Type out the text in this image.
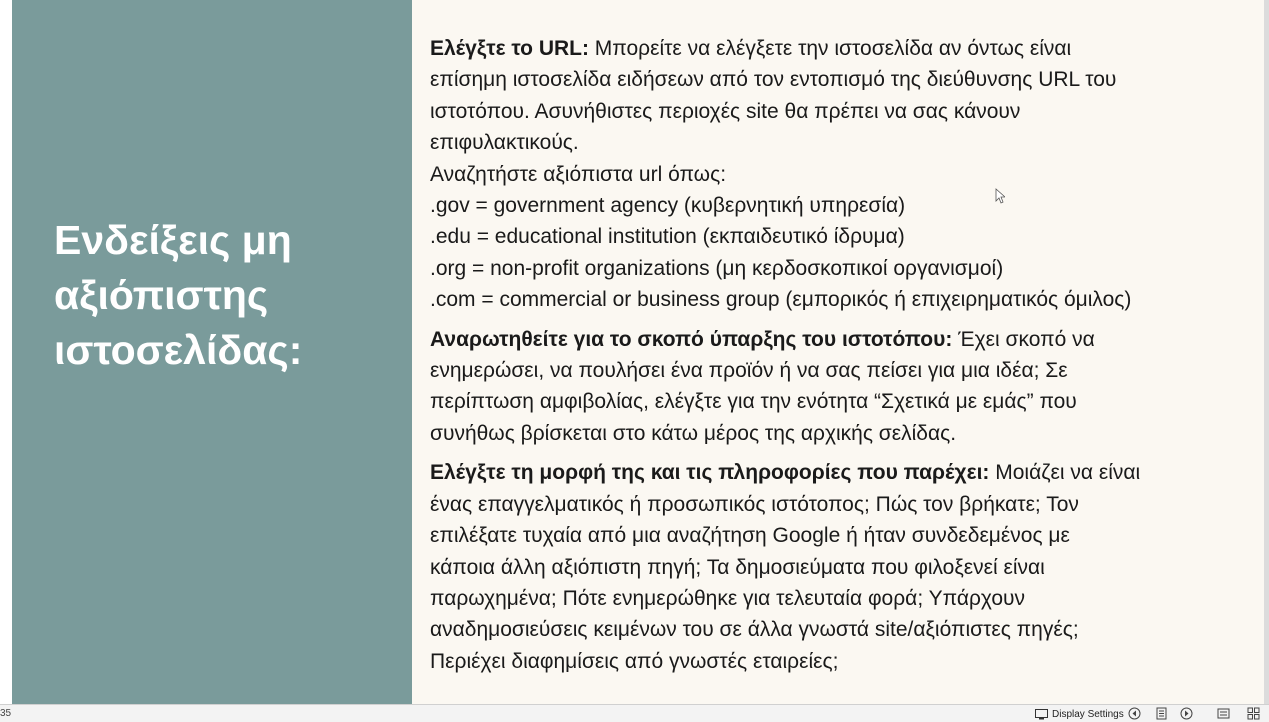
Ενδείξεις μη αξιόπιστης ιστοσελίδας:
Ελέγξτε το URL: Μπορείτε να ελέγξετε την ιστοσελίδα αν όντως είναι
επίσημη ιστοσελίδα ειδήσεων από τον εντοπισμό της διεύθυνσης URL του
ιστοτόπου. Ασυνήθιστες περιοχές site θα πρέπει να σας κάνουν
επιφυλακτικούς.
Αναζητήστε αξιόπιστα url όπως:
.gov = government agency (κυβερνητική υπηρεσία)
.edu = educational institution (εκπαιδευτικό ίδρυμα)
.org = non-profit organizations (μη κερδοσκοπικοί οργανισμοί)
.com = commercial or business group (εμπορικός ή επιχειρηματικός όμιλος)
Αναρωτηθείτε για το σκοπό ύπαρξης του ιστοτόπου: Έχει σκοπό να
ενημερώσει, να πουλήσει ένα προϊόν ή να σας πείσει για μια ιδέα; Σε
περίπτωση αμφιβολίας, ελέγξτε για την ενότητα “Σχετικά με εμάς” που
συνήθως βρίσκεται στο κάτω μέρος της αρχικής σελίδας.
Ελέγξτε τη μορφή της και τις πληροφορίες που παρέχει: Μοιάζει να είναι
ένας επαγγελματικός ή προσωπικός ιστότοπος; Πώς τον βρήκατε; Τον
επιλέξατε τυχαία από μια αναζήτηση Google ή ήταν συνδεδεμένος με
κάποια άλλη αξιόπιστη πηγή; Τα δημοσιεύματα που φιλοξενεί είναι
παρωχημένα; Πότε ενημερώθηκε για τελευταία φορά; Υπάρχουν
αναδημοσιεύσεις κειμένων του σε άλλα γνωστά site/αξιόπιστες πηγές;
Περιέχει διαφημίσεις από γνωστές εταιρείες;
35	Display Settings
